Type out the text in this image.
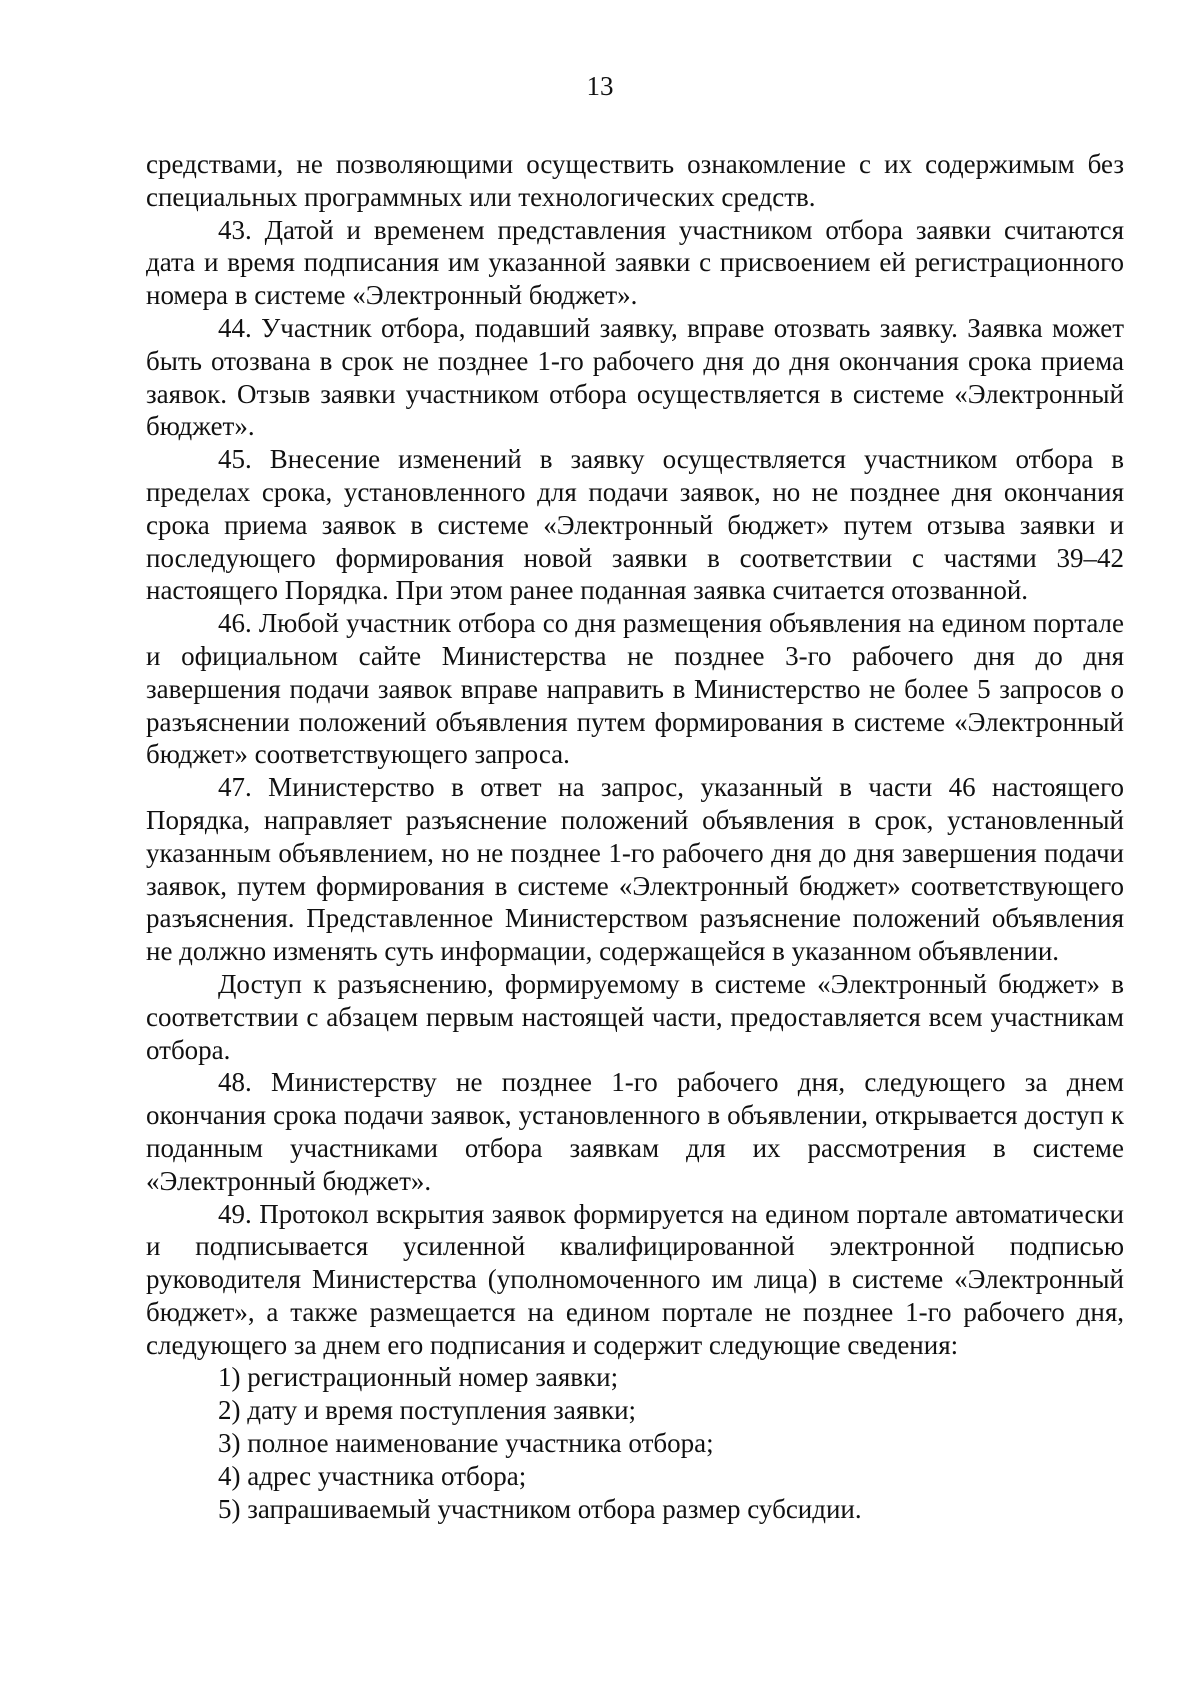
13

средствами, не позволяющими осуществить ознакомление с их содержимым без специальных программных или технологических средств.

43. Датой и временем представления участником отбора заявки считаются дата и время подписания им указанной заявки с присвоением ей регистрационного номера в системе «Электронный бюджет».

44. Участник отбора, подавший заявку, вправе отозвать заявку. Заявка может быть отозвана в срок не позднее 1-го рабочего дня до дня окончания срока приема заявок. Отзыв заявки участником отбора осуществляется в системе «Электронный бюджет».

45. Внесение изменений в заявку осуществляется участником отбора в пределах срока, установленного для подачи заявок, но не позднее дня окончания срока приема заявок в системе «Электронный бюджет» путем отзыва заявки и последующего формирования новой заявки в соответствии с частями 39–42 настоящего Порядка. При этом ранее поданная заявка считается отозванной.

46. Любой участник отбора со дня размещения объявления на едином портале и официальном сайте Министерства не позднее 3-го рабочего дня до дня завершения подачи заявок вправе направить в Министерство не более 5 запросов о разъяснении положений объявления путем формирования в системе «Электронный бюджет» соответствующего запроса.

47. Министерство в ответ на запрос, указанный в части 46 настоящего Порядка, направляет разъяснение положений объявления в срок, установленный указанным объявлением, но не позднее 1-го рабочего дня до дня завершения подачи заявок, путем формирования в системе «Электронный бюджет» соответствующего разъяснения. Представленное Министерством разъяснение положений объявления не должно изменять суть информации, содержащейся в указанном объявлении.

Доступ к разъяснению, формируемому в системе «Электронный бюджет» в соответствии с абзацем первым настоящей части, предоставляется всем участникам отбора.

48. Министерству не позднее 1-го рабочего дня, следующего за днем окончания срока подачи заявок, установленного в объявлении, открывается доступ к поданным участниками отбора заявкам для их рассмотрения в системе «Электронный бюджет».

49. Протокол вскрытия заявок формируется на едином портале автоматически и подписывается усиленной квалифицированной электронной подписью руководителя Министерства (уполномоченного им лица) в системе «Электронный бюджет», а также размещается на едином портале не позднее 1-го рабочего дня, следующего за днем его подписания и содержит следующие сведения:

1) регистрационный номер заявки;
2) дату и время поступления заявки;
3) полное наименование участника отбора;
4) адрес участника отбора;
5) запрашиваемый участником отбора размер субсидии.
